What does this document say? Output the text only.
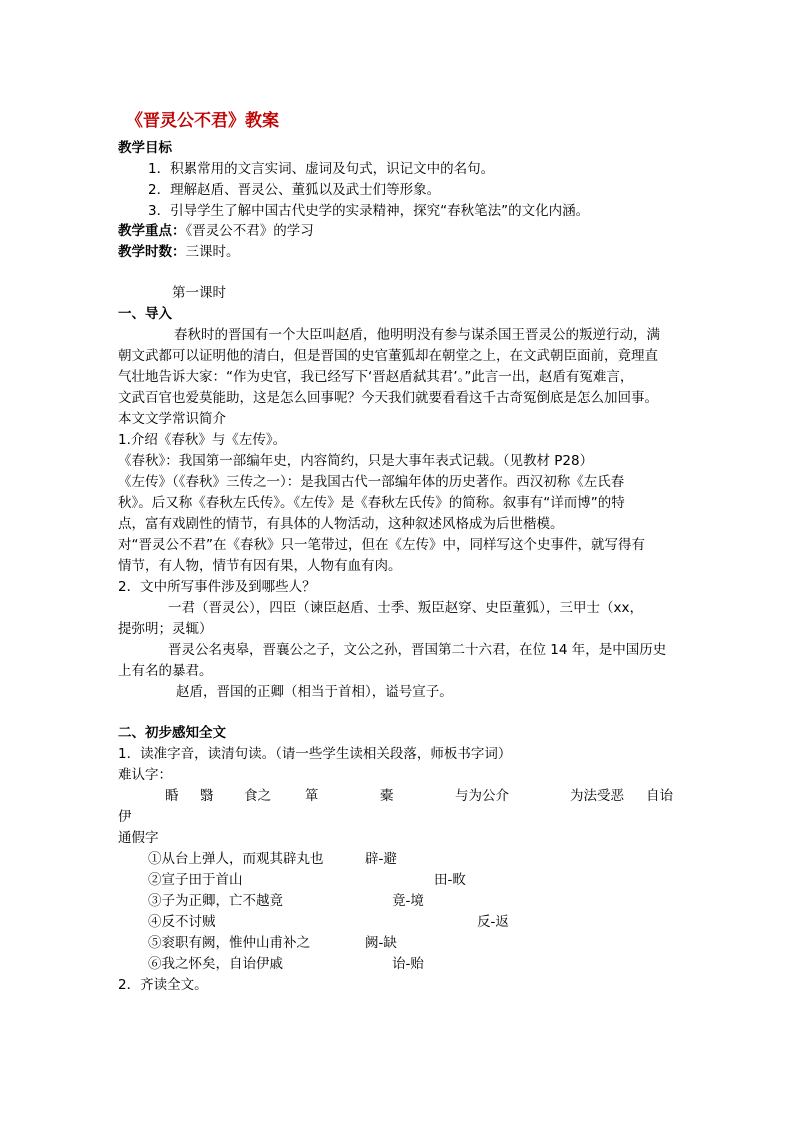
《晋灵公不君》教案
教学目标
1．积累常用的文言实词、虚词及句式，识记文中的名句。
2．理解赵盾、晋灵公、董狐以及武士们等形象。
3．引导学生了解中国古代史学的实录精神，探究“春秋笔法”的文化内涵。
教学重点：《晋灵公不君》的学习
教学时数：三课时。
第一课时
一、导入
春秋时的晋国有一个大臣叫赵盾，他明明没有参与谋杀国王晋灵公的叛逆行动，满
朝文武都可以证明他的清白，但是晋国的史官董狐却在朝堂之上，在文武朝臣面前，竟理直
气壮地告诉大家：“作为史官，我已经写下‘晋赵盾弑其君’。”此言一出，赵盾有冤难言，
文武百官也爱莫能助，这是怎么回事呢？今天我们就要看看这千古奇冤倒底是怎么加回事。
本文文学常识简介
1.介绍《春秋》与《左传》。
《春秋》：我国第一部编年史，内容简约，只是大事年表式记载。（见教材 P28）
《左传》（《春秋》三传之一）：是我国古代一部编年体的历史著作。西汉初称《左氏春
秋》。后又称《春秋左氏传》。《左传》是《春秋左氏传》的简称。叙事有“详而博”的特
点，富有戏剧性的情节，有具体的人物活动，这种叙述风格成为后世楷模。
对“晋灵公不君”在《春秋》只一笔带过，但在《左传》中，同样写这个史事件，就写得有
情节，有人物，情节有因有果，人物有血有肉。
2．文中所写事件涉及到哪些人？
一君（晋灵公），四臣（谏臣赵盾、士季、叛臣赵穿、史臣董狐），三甲士（xx，
提弥明；灵辄）
晋灵公名夷皋，晋襄公之子，文公之孙，晋国第二十六君，在位 14 年，是中国历史
上有名的暴君。
赵盾，晋国的正卿（相当于首相），谥号宣子。
二、初步感知全文
1．读准字音，读清句读。（请一些学生读相关段落，师板书字词）
难认字：
睧 翳 食之	箪	橐	与为公介	为法受恶 自诒
伊
通假字
①从台上弹人，而观其辟丸也	辟-避
②宣子田于首山	田-畋
③子为正卿，亡不越竟	竟-境
④反不讨贼	反-返
⑤衮职有阙，惟仲山甫补之	阙-缺
⑥我之怀矣，自诒伊戚	诒-贻
2．齐读全文。
